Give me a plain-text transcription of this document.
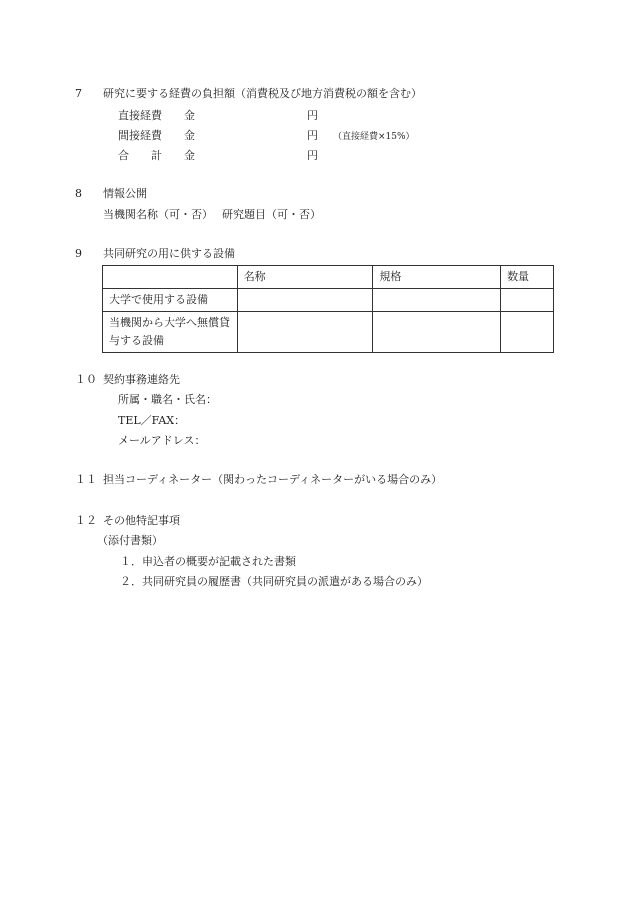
7 研究に要する経費の負担額（消費税及び地方消費税の額を含む）
直接経費 金	円
間接経費 金	円 （直接経費×15%）
合　　計 金	円
8 情報公開
当機関名称（可・否）　 研究題目（可・否）
9 共同研究の用に供する設備
	名称	規格	数量
大学で使用する設備			
当機関から大学へ無償貸与する設備			
１０ 契約事務連絡先
所属・職名・氏名：
TEL／FAX：
メールアドレス：
１１ 担当コーディネーター（関わったコーディネーターがいる場合のみ）
１２ その他特記事項
（添付書類）
１．申込者の概要が記載された書類
２．共同研究員の履歴書（共同研究員の派遣がある場合のみ）
